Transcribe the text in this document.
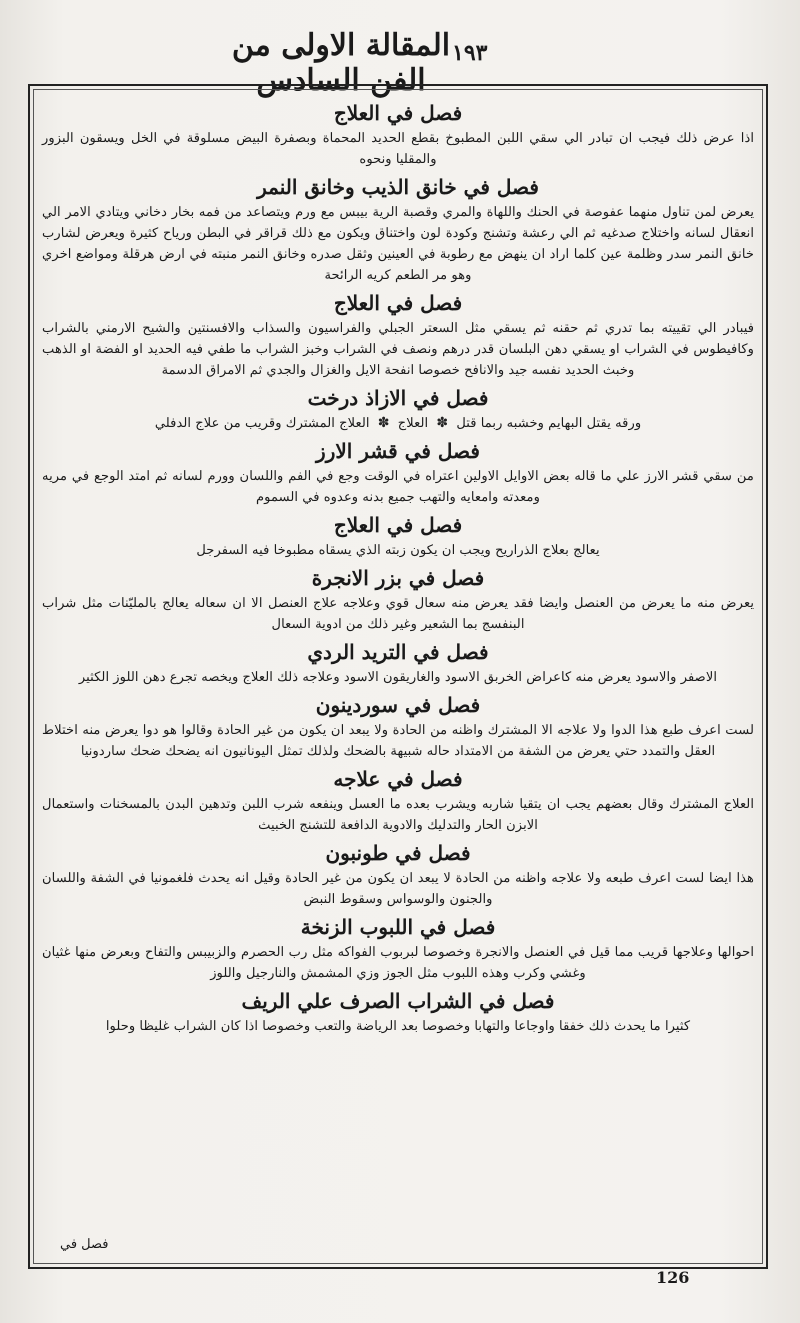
١٩٣
المقالة الاولى من الفن السادس
فصل في العلاج

اذا عرض ذلك فيجب ان تبادر الي سقي اللبن المطبوخ بقطع الحديد المحماة وبصفرة البيض مسلوقة في الخل ويسقون البزور والمقليا ونحوه

فصل في خانق الذيب وخانق النمر

يعرض لمن تناول منهما عفوصة في الحنك واللهاة والمري وقصبة الرية بيبس مع ورم ويتصاعد من فمه بخار دخاني ويتادي الامر الي انعقال لسانه واختلاج صدغيه ثم الي رعشة وتشنج وكودة لون واختناق ويكون مع ذلك قراقر في البطن ورياح كثيرة ويعرض لشارب خانق النمر سدر وظلمة عين كلما اراد ان ينهض مع رطوبة في العينين وثقل صدره وخانق النمر منبته في ارض هرقلة ومواضع اخري وهو مر الطعم كريه الرائحة

فصل في العلاج

فيبادر الي تقييته بما تدري ثم حقنه ثم يسقي مثل السعتر الجبلي والفراسيون والسذاب والافسنتين والشيح الارمني بالشراب وكافيطوس في الشراب او يسقي دهن البلسان قدر درهم ونصف في الشراب وخبز الشراب ما طفي فيه الحديد او الفضة او الذهب وخبث الحديد نفسه جيد والانافح خصوصا انفحة الايل والغزال والجدي ثم الامراق الدسمة

فصل في الازاذ درخت

ورقه يقتل البهايم وخشبه ربما قتل ✽ العلاج ✽ العلاج المشترك وقريب من علاج الدفلي

فصل في قشر الارز

من سقي قشر الارز علي ما قاله بعض الاوايل الاولين اعتراه في الوقت وجع في الفم واللسان وورم لسانه ثم امتد الوجع في مريه ومعدته وامعايه والتهب جميع بدنه وعدوه في السموم

فصل في العلاج

يعالج بعلاج الذراريح ويجب ان يكون زبته الذي يسقاه مطبوخا فيه السفرجل

فصل في بزر الانجرة

يعرض منه ما يعرض من العنصل وايضا فقد يعرض منه سعال قوي وعلاجه علاج العنصل الا ان سعاله يعالج بالمليّنات مثل شراب البنفسج بما الشعير وغير ذلك من ادوية السعال

فصل في التريد الردي

الاصفر والاسود يعرض منه كاعراض الخربق الاسود والغاريقون الاسود وعلاجه ذلك العلاج ويخصه تجرع دهن اللوز الكثير

فصل في سوردينون

لست اعرف طبع هذا الدوا ولا علاجه الا المشترك واظنه من الحادة ولا يبعد ان يكون من غير الحادة وقالوا هو دوا يعرض منه اختلاط العقل والتمدد حتي يعرض من الشفة من الامتداد حاله شبيهة بالضحك ولذلك تمثل اليونانيون انه يضحك ضحك ساردونيا

فصل في علاجه

العلاج المشترك وقال بعضهم يجب ان يتقيا شاربه ويشرب بعده ما العسل وينفعه شرب اللبن وتدهين البدن بالمسخنات واستعمال الابزن الحار والتدليك والادوية الدافعة للتشنج الخبيث

فصل في طونبون

هذا ايضا لست اعرف طبعه ولا علاجه واظنه من الحادة لا يبعد ان يكون من غير الحادة وقيل انه يحدث فلغمونيا في الشفة واللسان والجنون والوسواس وسقوط النبض

فصل في اللبوب الزنخة

احوالها وعلاجها قريب مما قيل في العنصل والانجرة وخصوصا لبربوب الفواكه مثل رب الحصرم والزبيبس والتفاح وبعرض منها غثيان وغشي وكرب وهذه اللبوب مثل الجوز وزي المشمش والنارجيل واللوز

فصل في الشراب الصرف علي الريف

كثيرا ما يحدث ذلك خفقا واوجاعا والتهابا وخصوصا بعد الرياضة والتعب وخصوصا اذا كان الشراب غليظا وحلوا

فصل في
126
